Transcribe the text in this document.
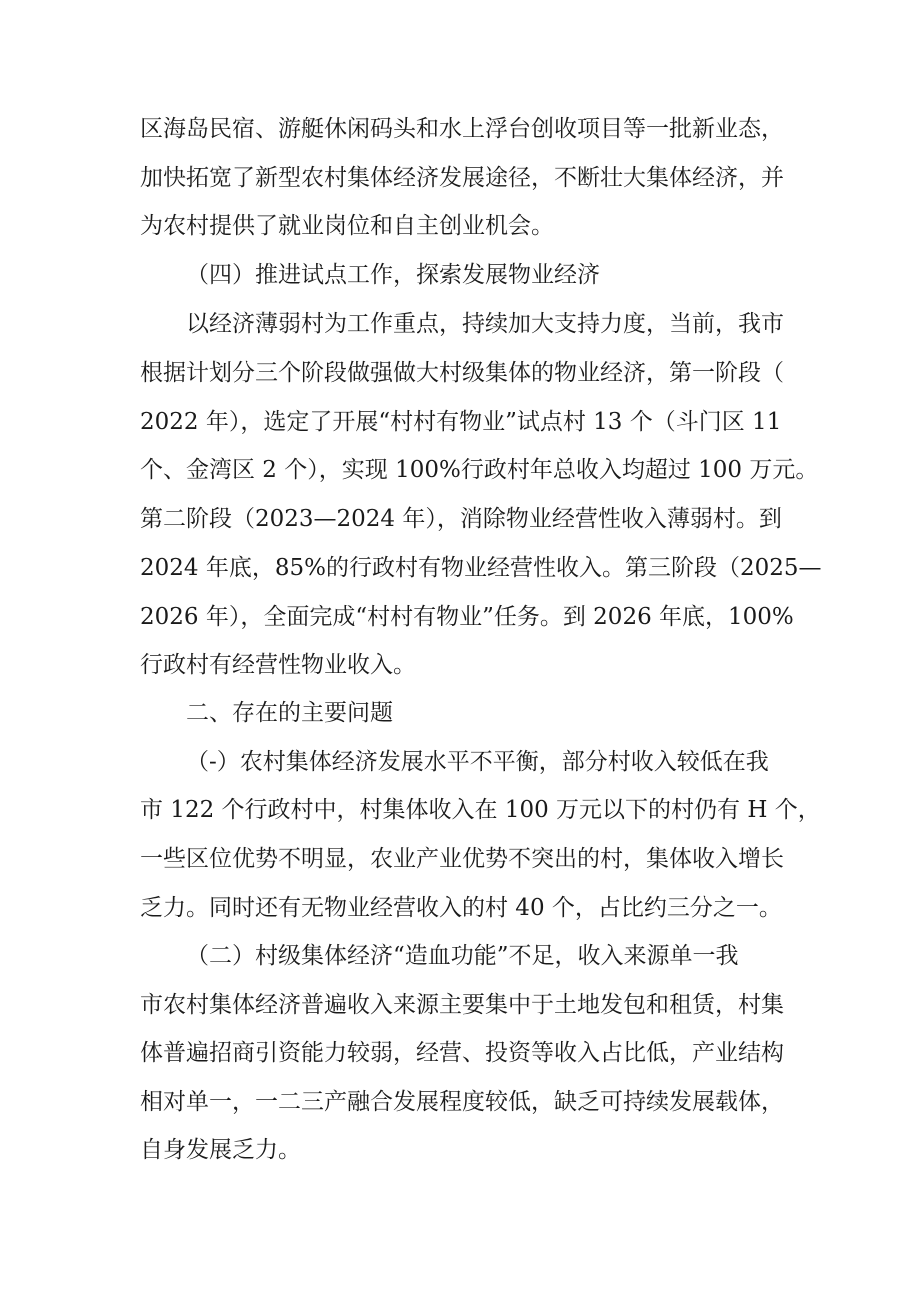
区海岛民宿、游艇休闲码头和水上浮台创收项目等一批新业态，
加快拓宽了新型农村集体经济发展途径，不断壮大集体经济，并
为农村提供了就业岗位和自主创业机会。
（四）推进试点工作，探索发展物业经济
以经济薄弱村为工作重点，持续加大支持力度，当前，我市
根据计划分三个阶段做强做大村级集体的物业经济，第一阶段（
2022 年），选定了开展“村村有物业”试点村 13 个（斗门区 11
个、金湾区 2 个），实现 100%行政村年总收入均超过 100 万元。
第二阶段（2023—2024 年），消除物业经营性收入薄弱村。到
2024 年底，85%的行政村有物业经营性收入。第三阶段（2025—
2026 年），全面完成“村村有物业”任务。到 2026 年底，100%
行政村有经营性物业收入。
二、存在的主要问题
（-）农村集体经济发展水平不平衡，部分村收入较低在我
市 122 个行政村中，村集体收入在 100 万元以下的村仍有 H 个，
一些区位优势不明显，农业产业优势不突出的村，集体收入增长
乏力。同时还有无物业经营收入的村 40 个，占比约三分之一。
（二）村级集体经济“造血功能”不足，收入来源单一我
市农村集体经济普遍收入来源主要集中于土地发包和租赁，村集
体普遍招商引资能力较弱，经营、投资等收入占比低，产业结构
相对单一，一二三产融合发展程度较低，缺乏可持续发展载体，
自身发展乏力。
